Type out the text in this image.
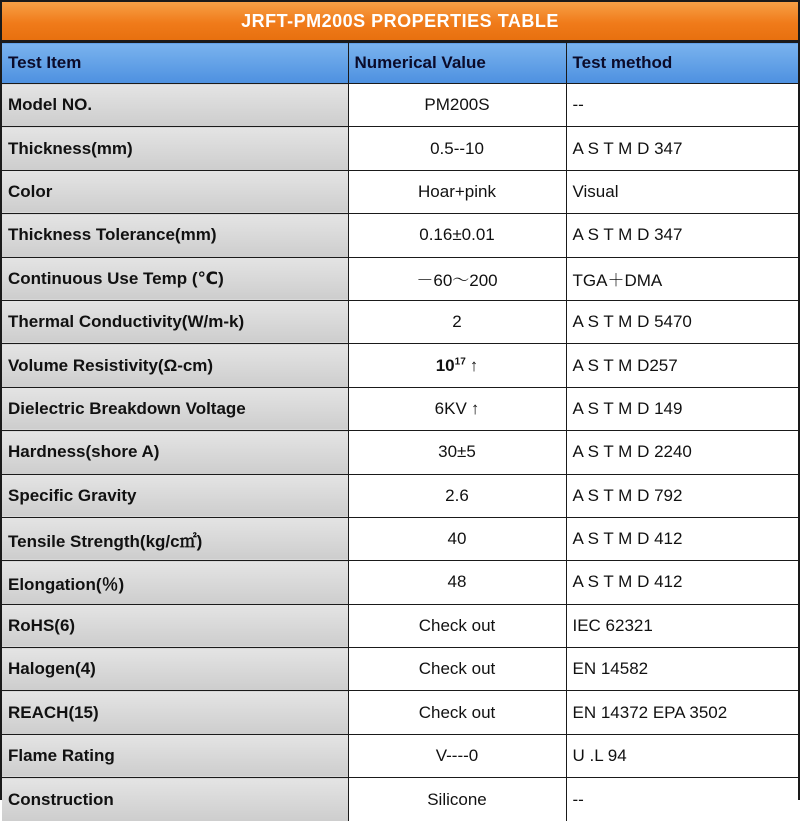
JRFT-PM200S PROPERTIES TABLE
Test Item	Numerical Value	Test method
Model NO.	PM200S	--
Thickness(mm)	0.5--10	A S T M D 347
Color	Hoar+pink	Visual
Thickness Tolerance(mm)	0.16±0.01	A S T M D 347
Continuous Use Temp (℃)	－60～200	TGA＋DMA
Thermal Conductivity(W/m-k)	2	A S T M D 5470
Volume Resistivity(Ω-cm)	$10^{17}$ ↑	A S T M D257
Dielectric Breakdown Voltage	6KV ↑	A S T M D 149
Hardness(shore A)	30±5	A S T M D 2240
Specific Gravity	2.6	A S T M D 792
Tensile Strength(kg/c㎡)	40	A S T M D 412
Elongation(％)	48	A S T M D 412
RoHS(6)	Check out	IEC 62321
Halogen(4)	Check out	EN 14582
REACH(15)	Check out	EN 14372 EPA 3502
Flame Rating	V----0	U .L 94
Construction	Silicone	--
